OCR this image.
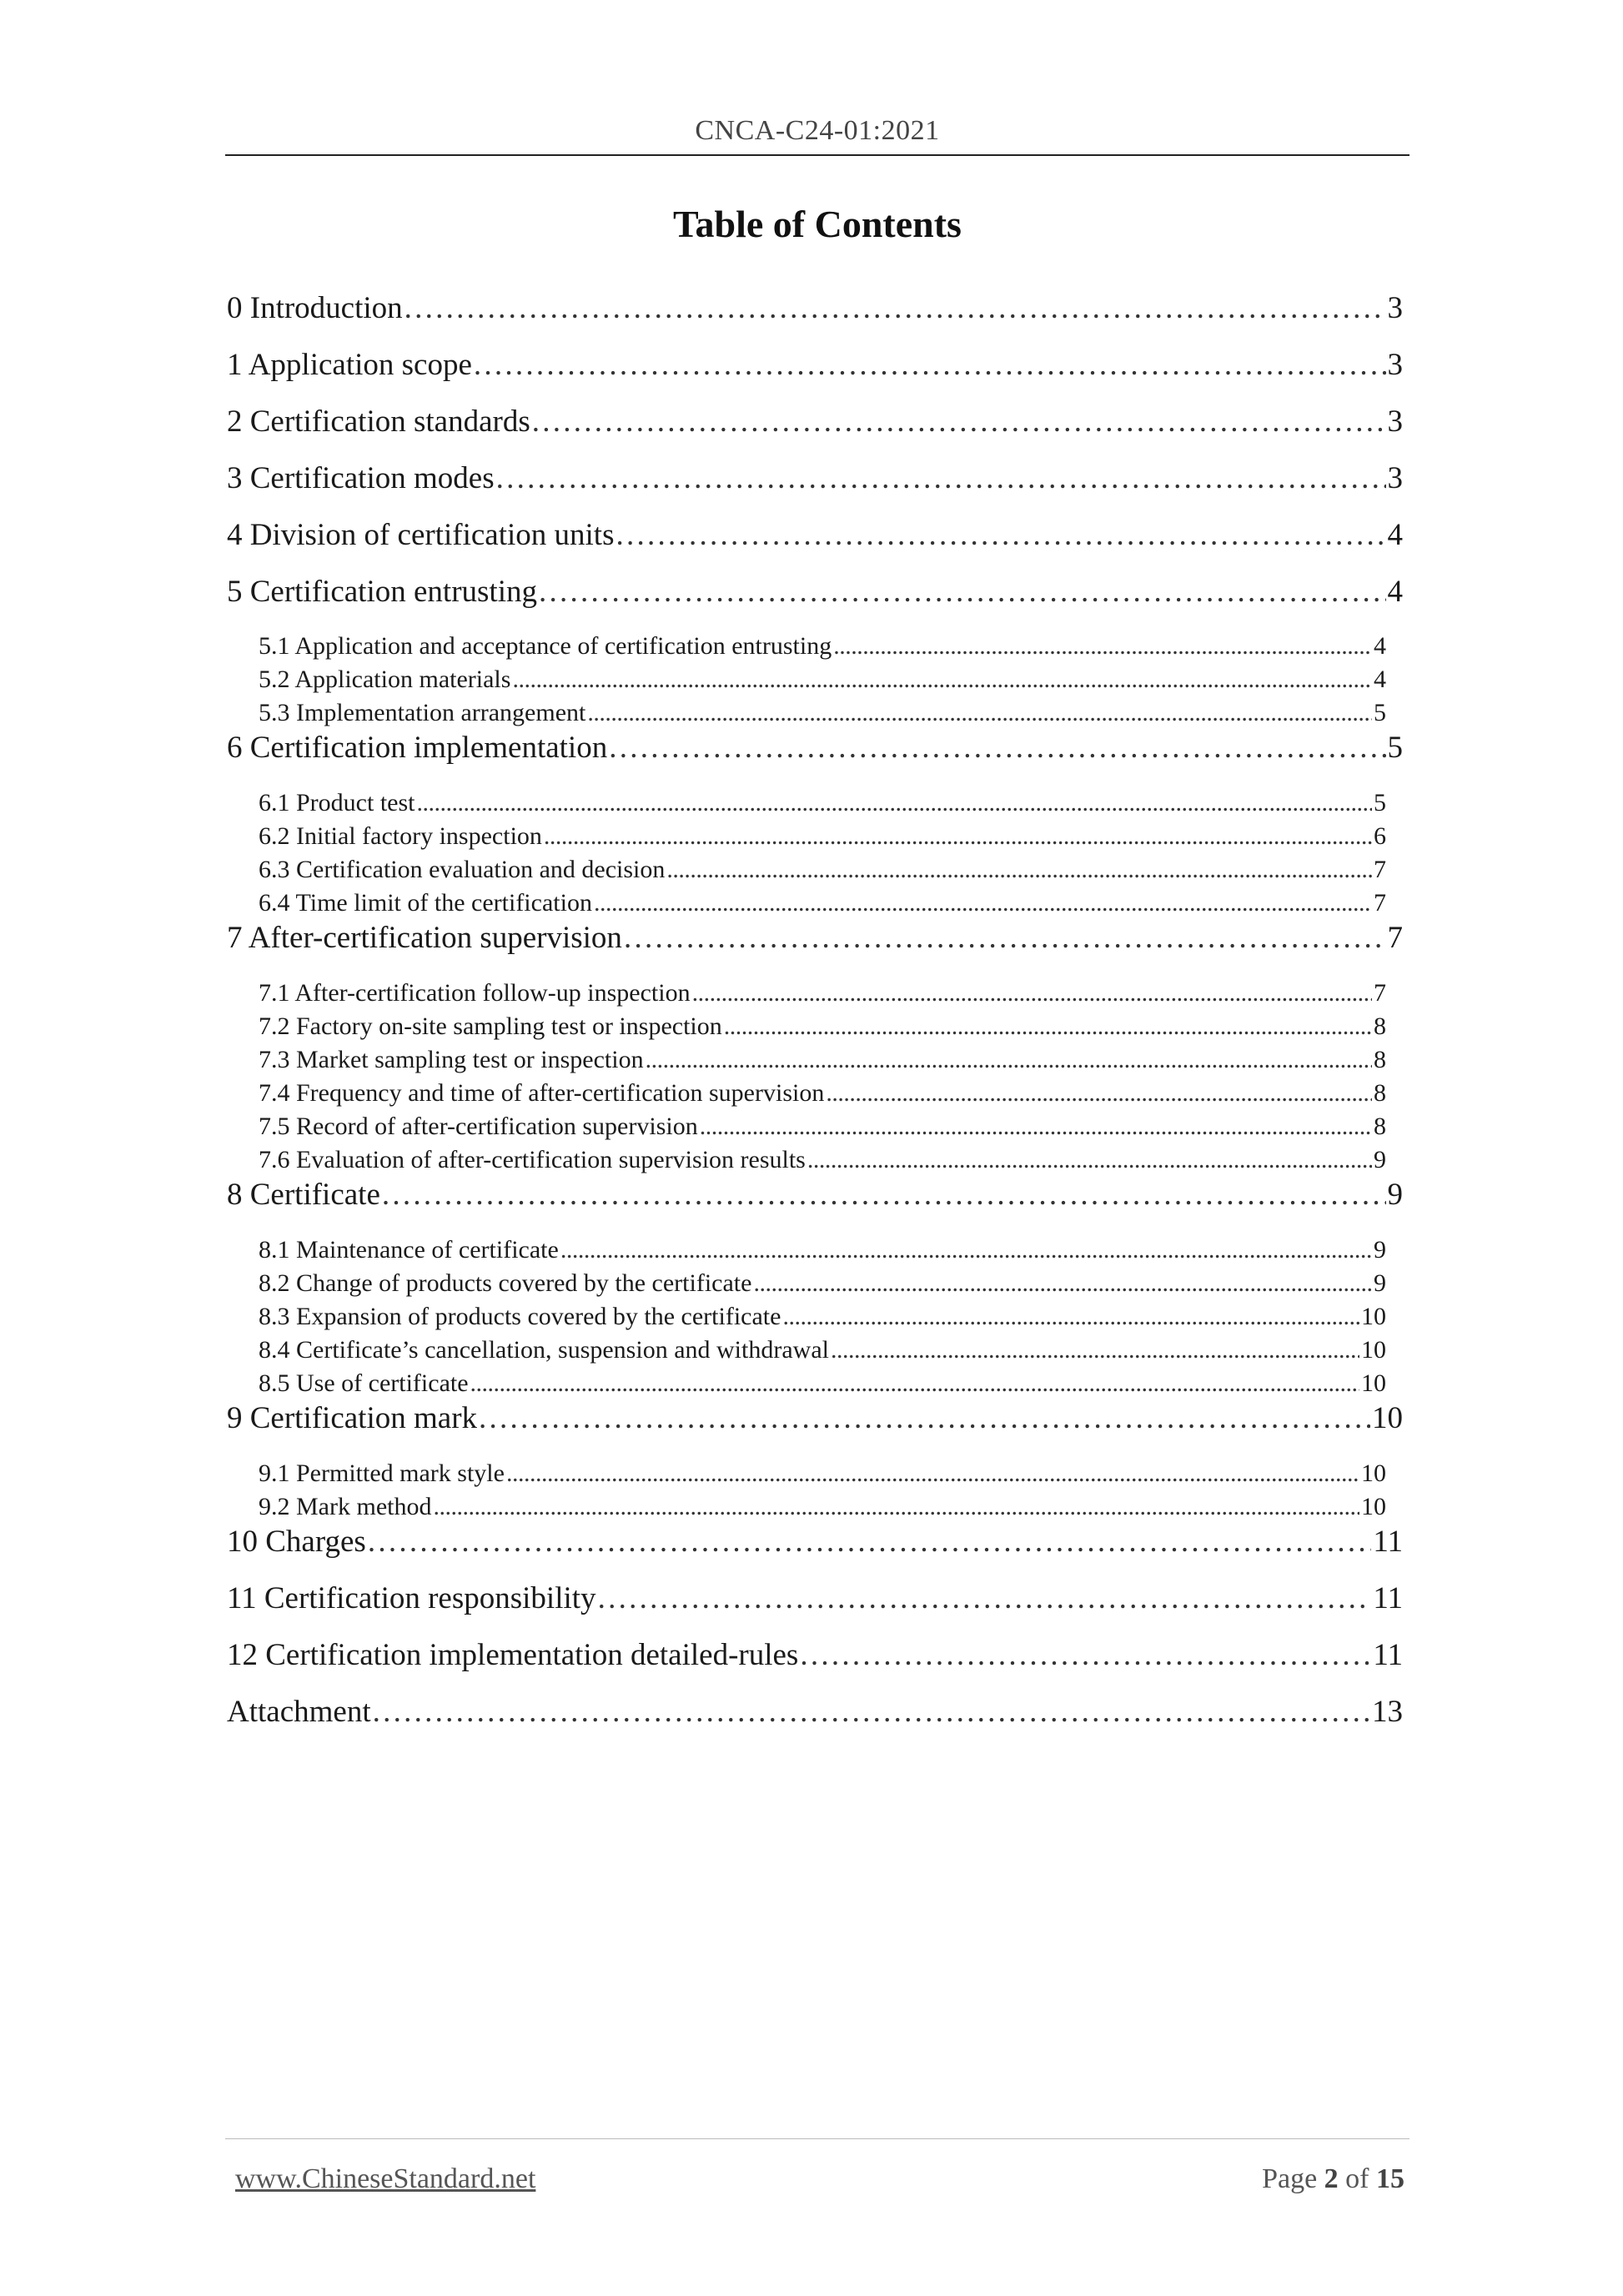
CNCA-C24-01:2021
Table of Contents
0 Introduction . . .	3
1 Application scope . . .	3
2 Certification standards . . .	3
3 Certification modes . . .	3
4 Division of certification units . . .	4
5 Certification entrusting . . .	4
5.1 Application and acceptance of certification entrusting . . .	4
5.2 Application materials . . .	4
5.3 Implementation arrangement . . .	5
6 Certification implementation . . .	5
6.1 Product test . . .	5
6.2 Initial factory inspection . . .	6
6.3 Certification evaluation and decision . . .	7
6.4 Time limit of the certification . . .	7
7 After-certification supervision . . .	7
7.1 After-certification follow-up inspection . . .	7
7.2 Factory on-site sampling test or inspection . . .	8
7.3 Market sampling test or inspection . . .	8
7.4 Frequency and time of after-certification supervision . . .	8
7.5 Record of after-certification supervision . . .	8
7.6 Evaluation of after-certification supervision results . . .	9
8 Certificate . . .	9
8.1 Maintenance of certificate . . .	9
8.2 Change of products covered by the certificate . . .	9
8.3 Expansion of products covered by the certificate . . .	10
8.4 Certificate’s cancellation, suspension and withdrawal . . .	10
8.5 Use of certificate . . .	10
9 Certification mark . . .	10
9.1 Permitted mark style . . .	10
9.2 Mark method . . .	10
10 Charges . . .	11
11 Certification responsibility . . .	11
12 Certification implementation detailed-rules . . .	11
Attachment . . .	13
www.ChineseStandard.net	Page 2 of 15
